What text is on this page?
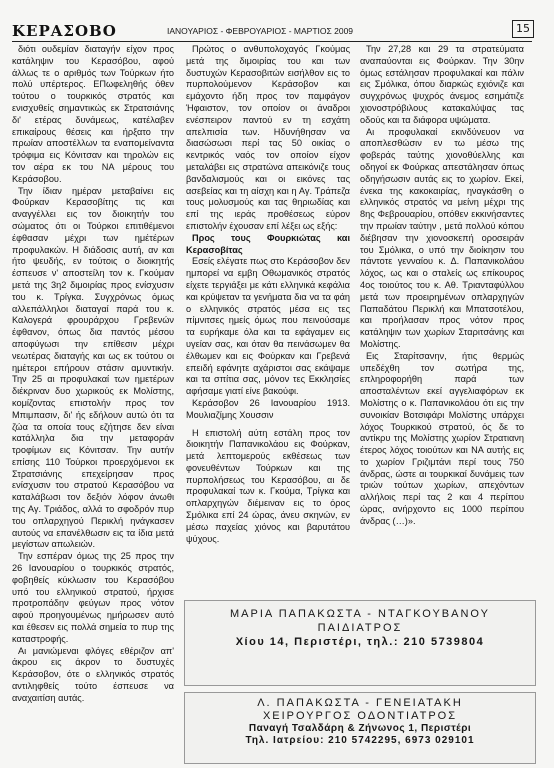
ΚΕΡΑΣΟΒΟ	ΙΑΝΟΥΑΡΙΟΣ - ΦΕΒΡΟΥΑΡΙΟΣ - ΜΑΡΤΙΟΣ 2009	15

διότι ουδεμίαν διαταγήν είχον προς κατάληψιν του Κερασόβου, αφού άλλως τε ο αριθμός των Τούρκων ήτο πολύ υπέρτερος. ΕΠωφεληθής όθεν τούτου ο τουρκικός στρατός και ενισχυθείς σημαντικώς εκ Στρατσιάνης δι' ετέρας δυνάμεως, κατέλαβεν επικαίρους θέσεις και ήρξατο την πρωίαν αποστέλλων τα εναπομείναντα τρόφιμα εις Κόνιτσαν και τηρολών εις τον αέρα εκ του ΝΑ μέρους του Κεράσοβου.

Την ίδιαν ημέραν μεταβαίνει εις Φούρκαν Κερασοβίτης τις και αναγγέλλει εις τον διοικητήν του σώματος ότι οι Τούρκοι επιτιθέμενοι έφθασαν μέχρι των ημέτέρων προφυλακών. Η διάδοσις αυτή, αν και ήτο ψευδής, εν τούτοις ο διοικητής έσπευσε ν' αποστείλη τον κ. Γκούμαν μετά της 3η2 διμοιρίας προς ενίσχυσιν του κ. Τρίγκα. Συγχρόνως όμως αλλεπάλληλοι διαταγαί παρά του κ. Καλογερά φρουράρχου Γρεβενών έφθανον, όπως δια παντός μέσου αποφύγωσι την επίθεσιν μέχρι νεωτέρας διαταγής και ως εκ τούτου οι ημέτεροι επήρουν στάσιν αμυντικήν. Την 25 αι προφυλακαί των ημετέρων διέκριναν δυο χωρικούς εκ Μολίστης, κομίζοντας επιστολήν προς τον Μπιμπασιν, δι' ής εδήλουν αυτώ ότι τα ζώα τα οποία τους εζήτησε δεν είναι κατάλληλα δια την μεταφοράν τροφίμων εις Κόνιτσαν. Την αυτήν επίσης 110 Τούρκοι προερχόμενοι εκ Στρατσιάνης επεχείρησαν προς ενίσχυσιν του στρατού Κερασόβου να καταλάβωσι τον δεξιόν λόφον άνωθι της Αγ. Τριάδος, αλλά το σφοδρόν πυρ του οπλαρχηγού Περικλή ηνάγκασεν αυτούς να επανέλθωσιν εις τα ίδια μετά μεγίστων απωλειών.

Την εσπέραν όμως της 25 προς την 26 Ιανουαρίου ο τουρκικός στρατός, φοβηθείς κύκλωσιν του Κερασόβου υπό του ελληνικού στρατού, ήρχισε προτροπάδην φεύγων προς νότον αφού προηγουμένως ημήρωσεν αυτό και έθεσεν εις πολλά σημεία το πυρ της καταστροφής.

Αι μανιώμεναι φλόγες εθέριζον απ' άκρου εις άκρον το δυστυχές Κεράσοβον, ότε ο ελληνικός στρατός αντιληφθείς τούτο έσπευσε να αναχαιτίση αυτάς.

Πρώτος ο ανθυπολοχαγός Γκούμας μετά της διμοιρίας του και των δυστυχών Κερασοβιτών εισήλθον εις το πυρπολούμενον Κεράσοβον και εμάχοντο ήδη προς τον παμφάγον Ήφαιστον, τον οποίον οι άναδροι ενέσπειρον παντού εν τη εσχάτη απελπισία των. Ηδυνήθησαν να διασώσωσι περί τας 50 οικίας ο κεντρικός ναός τον οποίον είχον μεταλάβει εις στρατώνα απεικόνιζε τους βανδαλισμούς και οι εικόνες τας ασεβείας και τη αίσχη και η Αγ. Τράπεζα τους μολυσμούς και τας θηριωδίας και επί της ιεράς προθέσεως εύρον επιστολήν έχουσαν επί λέξει ως εξής:

Προς τους Φουρκιώτας και Κερασοβίτας

Εσείς ελέγατε πως στο Κεράσοβον δεν ημπορεί να εμβη Οθωμανικός στρατός είχετε τεργιάξει με κάτι ελληνικά κεφάλια και κρύψεταν τα γενήματα δια να τα φάη ο ελληνικός στρατός μέσα εις τες πίμνιτσες ημείς όμως που πεινούσαμε τα ευρήκαμε όλα και τα εφάγαμεν εις υγείαν σας, και όταν θα πεινάσωμεν θα έλθωμεν και εις Φούρκαν και Γρεβενά επειδή εφάνητε αχάριστοι σας εκάψαμε και τα σπίτια σας, μόνον τες Εκκλησίες αφήσαμε γιατί είνε βακούφι.

Κεράσοβον 26 Ιανουαρίου 1913. Μουλιαζίμης Χουσσιν

Η επιστολή αύτη εστάλη προς τον διοικητήν Παπανικολάου εις Φούρκαν, μετά λεπτομερούς εκθέσεως των φονευθέντων Τούρκων και της πυρπολήσεως του Κερασόβου, αι δε προφυλακαί των κ. Γκούμα, Τρίγκα και οπλαρχηγών διέμειναν εις το όρος Σμόλικα επί 24 ώρας, άνευ σκηνών, εν μέσω παχείας χιόνος και βαρυτάτου ψύχους.

Την 27,28 και 29 τα στρατεύματα αναπαύονται εις Φούρκαν. Την 30ην όμως εστάλησαν προφυλακαί και πάλιν εις Σμόλικα, όπου διαρκώς εχιόνιζε και συγχρόνως ψυχρός άνεμος εσημάτιζε χιονοστρόβιλους κατακαλύψας τας οδούς και τα διάφορα υψώματα.

Αι προφυλακαί εκινδύνευον να αποπλεσθώσιν εν τω μέσω της φοβεράς ταύτης χιονοθύελλης και οδηγοί εκ Φούρκας απεστάλησαν όπως οδηγήσωσιν αυτάς εις το χωρίον. Εκεί, ένεκα της κακοκαιρίας, ηναγκάσθη ο ελληνικός στρατός να μείνη μέχρι της 8ης Φεβρουαρίου, οπόθεν εκκινήσαντες την πρωίαν ταύτην , μετά πολλού κόπου διέβησαν την χιονοσκεπή οροσειράν του Σμόλικα, ο υπό την διοίκησιν του πάντοτε γενναίου κ. Δ. Παπανικολάου λόχος, ως και ο σταλείς ως επίκουρος 4ος τοιούτος του κ. Αθ. Τριανταφύλλου μετά των προειρημένων οπλαρχηγών Παπαδάτου Περικλή και Μπατσοτέλου, και προήλασαν προς νότον προς κατάληψιν των χωρίων Σταριτσάνης και Μολίστης.

Εις Σταρίτσανην, ήτις θερμώς υπεδέχθη τον σωτήρα της, επληροφορήθη παρά των αποσταλέντων εκεί αγγελιαφόρων εκ Μολίστης ο κ. Παπανικολάου ότι εις την συνοικίαν Βοτσιφάρι Μολίστης υπάρχει λόχος Τουρκικού στρατού, ός δε το αντίκρυ της Μολίστης χωρίον Στρατιανη έτερος λόχος τοιούτων και ΝΑ αυτής εις το χωρίον Γριζιμτάνι περί τους 750 άνδρας, ώστε αι τουρκικαί δυνάμεις των τριών τούτων χωρίων, απεχόντων αλλήλοις περί τας 2 και 4 περίπου ώρας, ανήρχοντο εις 1000 περίπου άνδρας (…)».

ΜΑΡΙΑ ΠΑΠΑΚΩΣΤΑ - ΝΤΑΓΚΟΥΒΑΝΟΥ
ΠΑΙΔΙΑΤΡΟΣ
Χίου 14, Περιστέρι, τηλ.: 210 5739804
Λ. ΠΑΠΑΚΩΣΤΑ - ΓΕΝΕΙΑΤΑΚΗ
ΧΕΙΡΟΥΡΓΟΣ ΟΔΟΝΤΙΑΤΡΟΣ
Παναγή Τσαλδάρη & Ζήνωνος 1, Περιστέρι
Τηλ. Ιατρείου: 210 5742295, 6973 029101
